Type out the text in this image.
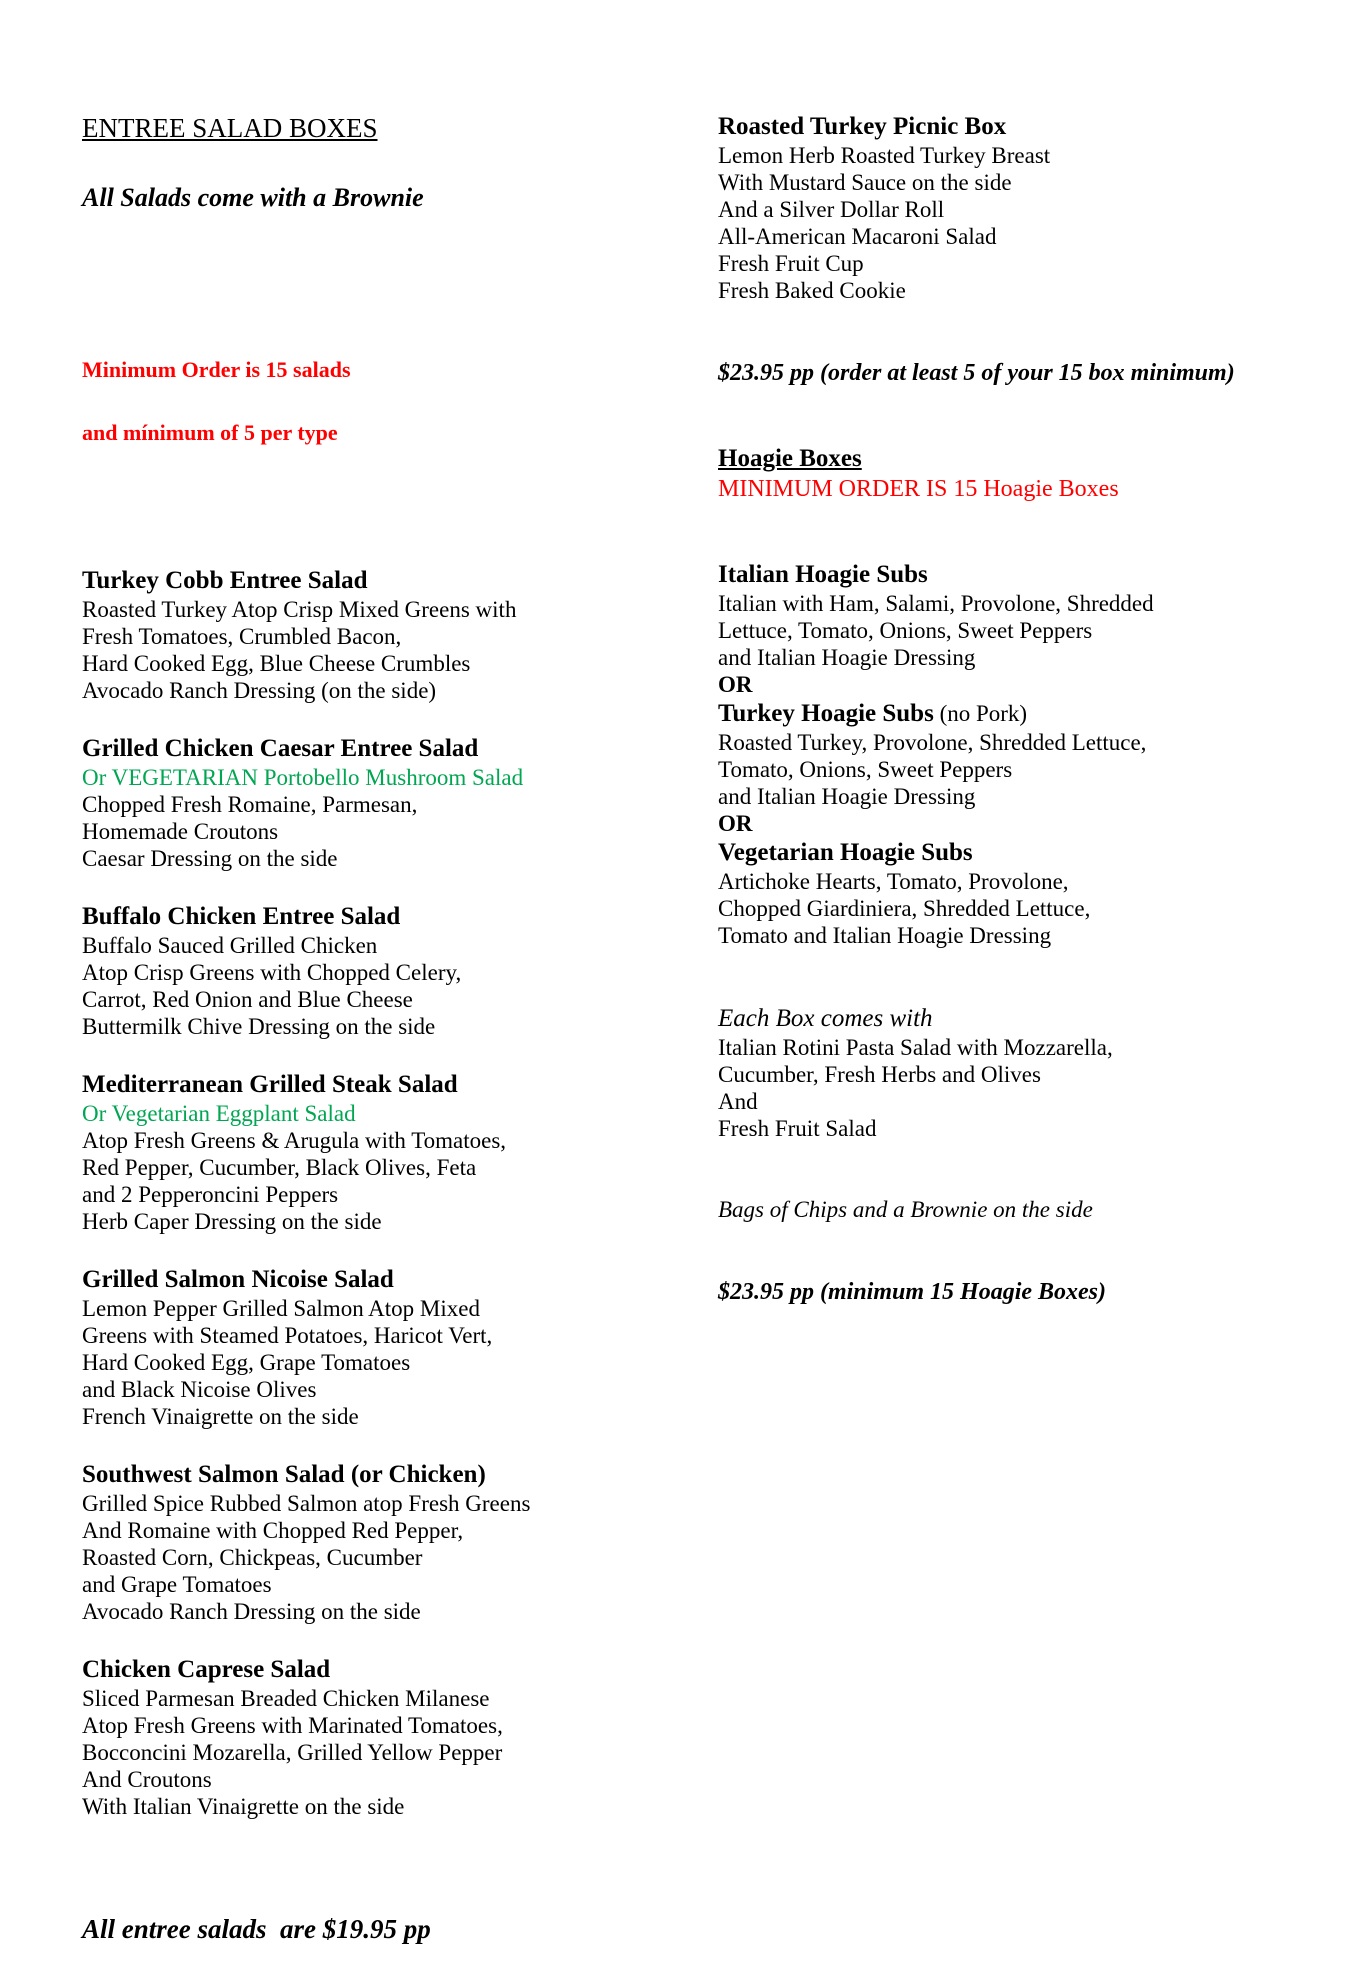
ENTREE SALAD BOXES

All Salads come with a Brownie

Minimum Order is 15 salads

and mínimum of 5 per type

Turkey Cobb Entree Salad
Roasted Turkey Atop Crisp Mixed Greens with
Fresh Tomatoes, Crumbled Bacon,
Hard Cooked Egg, Blue Cheese Crumbles
Avocado Ranch Dressing (on the side)
Grilled Chicken Caesar Entree Salad
Or VEGETARIAN Portobello Mushroom Salad
Chopped Fresh Romaine, Parmesan,
Homemade Croutons
Caesar Dressing on the side
Buffalo Chicken Entree Salad
Buffalo Sauced Grilled Chicken
Atop Crisp Greens with Chopped Celery,
Carrot, Red Onion and Blue Cheese
Buttermilk Chive Dressing on the side
Mediterranean Grilled Steak Salad
Or Vegetarian Eggplant Salad
Atop Fresh Greens & Arugula with Tomatoes,
Red Pepper, Cucumber, Black Olives, Feta
and 2 Pepperoncini Peppers
Herb Caper Dressing on the side
Grilled Salmon Nicoise Salad
Lemon Pepper Grilled Salmon Atop Mixed
Greens with Steamed Potatoes, Haricot Vert,
Hard Cooked Egg, Grape Tomatoes
and Black Nicoise Olives
French Vinaigrette on the side
Southwest Salmon Salad (or Chicken)
Grilled Spice Rubbed Salmon atop Fresh Greens
And Romaine with Chopped Red Pepper,
Roasted Corn, Chickpeas, Cucumber
and Grape Tomatoes
Avocado Ranch Dressing on the side
Chicken Caprese Salad
Sliced Parmesan Breaded Chicken Milanese
Atop Fresh Greens with Marinated Tomatoes,
Bocconcini Mozarella, Grilled Yellow Pepper
And Croutons
With Italian Vinaigrette on the side

All entree salads  are $19.95 pp

Roasted Turkey Picnic Box
Lemon Herb Roasted Turkey Breast
With Mustard Sauce on the side
And a Silver Dollar Roll
All-American Macaroni Salad
Fresh Fruit Cup
Fresh Baked Cookie
$23.95 pp (order at least 5 of your 15 box minimum)
Hoagie Boxes
MINIMUM ORDER IS 15 Hoagie Boxes
Italian Hoagie Subs
Italian with Ham, Salami, Provolone, Shredded
Lettuce, Tomato, Onions, Sweet Peppers
and Italian Hoagie Dressing
OR
Turkey Hoagie Subs (no Pork)
Roasted Turkey, Provolone, Shredded Lettuce,
Tomato, Onions, Sweet Peppers
and Italian Hoagie Dressing
OR
Vegetarian Hoagie Subs
Artichoke Hearts, Tomato, Provolone,
Chopped Giardiniera, Shredded Lettuce,
Tomato and Italian Hoagie Dressing
Each Box comes with
Italian Rotini Pasta Salad with Mozzarella,
Cucumber, Fresh Herbs and Olives
And
Fresh Fruit Salad
Bags of Chips and a Brownie on the side
$23.95 pp (minimum 15 Hoagie Boxes)
